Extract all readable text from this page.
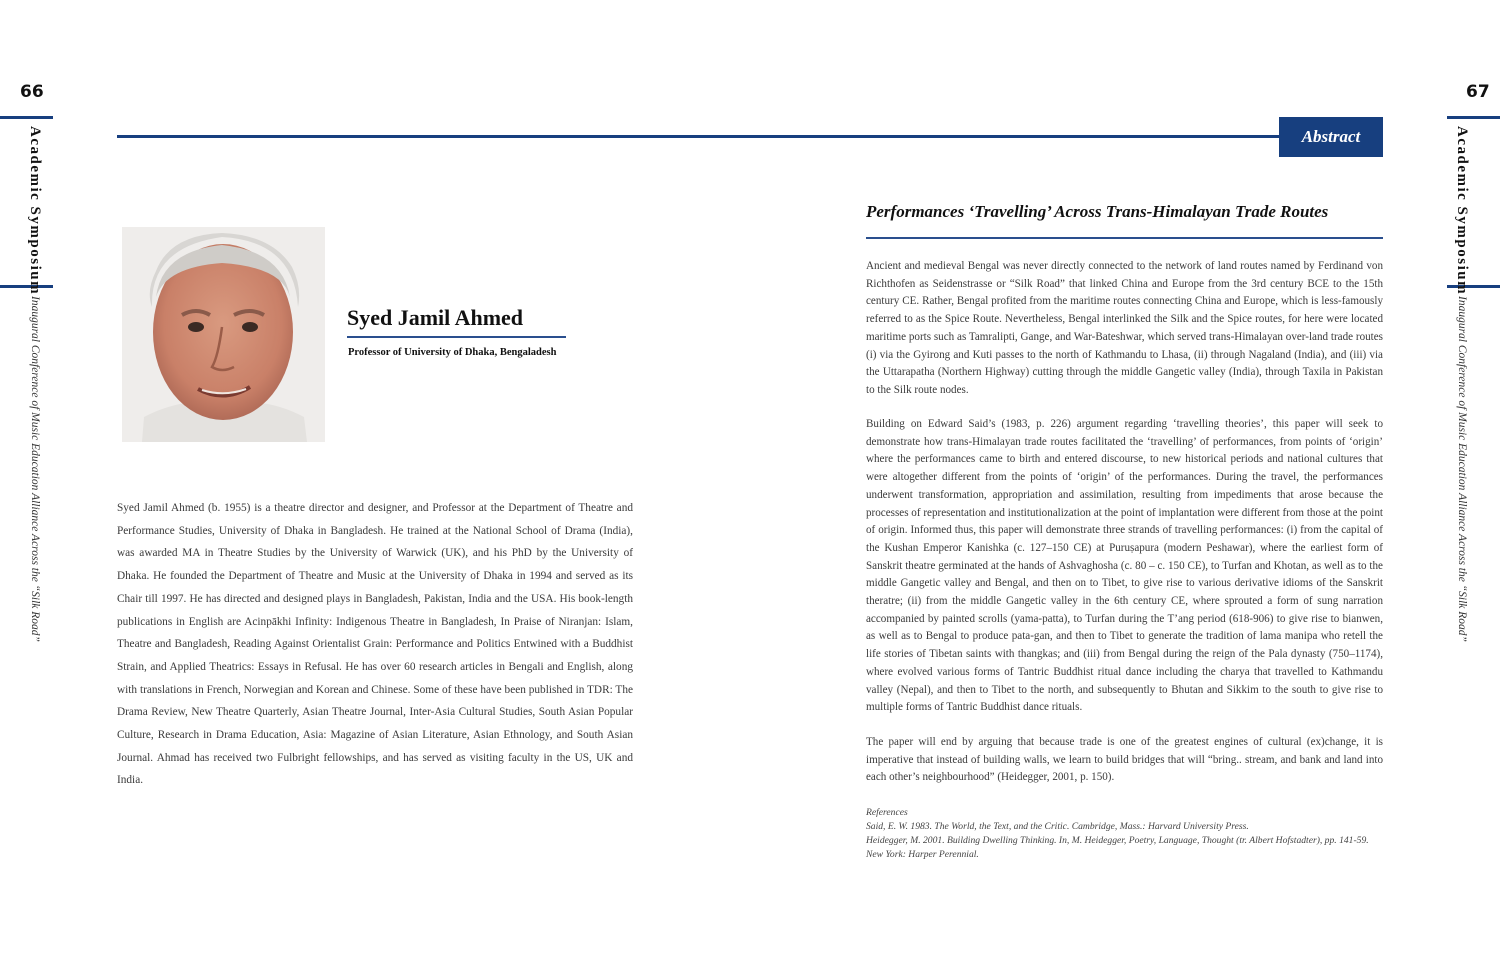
66	67
Academic Symposium
Inaugural Conference of Music Education Alliance Across the “Silk Road”
Academic Symposium
Inaugural Conference of Music Education Alliance Across the “Silk Road”
Abstract
Syed Jamil Ahmed
Professor of University of Dhaka, Bengaladesh

Syed Jamil Ahmed (b. 1955) is a theatre director and designer, and Professor at the Department of Theatre and Performance Studies, University of Dhaka in Bangladesh. He trained at the National School of Drama (India), was awarded MA in Theatre Studies by the University of Warwick (UK), and his PhD by the University of Dhaka. He founded the Department of Theatre and Music at the University of Dhaka in 1994 and served as its Chair till 1997. He has directed and designed plays in Bangladesh, Pakistan, India and the USA. His book-length publications in English are Acinpākhi Infinity: Indigenous Theatre in Bangladesh, In Praise of Niranjan: Islam, Theatre and Bangladesh, Reading Against Orientalist Grain: Performance and Politics Entwined with a Buddhist Strain, and Applied Theatrics: Essays in Refusal. He has over 60 research articles in Bengali and English, along with translations in French, Norwegian and Korean and Chinese. Some of these have been published in TDR: The Drama Review, New Theatre Quarterly, Asian Theatre Journal, Inter-Asia Cultural Studies, South Asian Popular Culture, Research in Drama Education, Asia: Magazine of Asian Literature, Asian Ethnology, and South Asian Journal. Ahmad has received two Fulbright fellowships, and has served as visiting faculty in the US, UK and India.

Performances ‘Travelling’ Across Trans-Himalayan Trade Routes

Ancient and medieval Bengal was never directly connected to the network of land routes named by Ferdinand von Richthofen as Seidenstrasse or “Silk Road” that linked China and Europe from the 3rd century BCE to the 15th century CE. Rather, Bengal profited from the maritime routes connecting China and Europe, which is less-famously referred to as the Spice Route. Nevertheless, Bengal interlinked the Silk and the Spice routes, for here were located maritime ports such as Tamralipti, Gange, and War-Bateshwar, which served trans-Himalayan over-land trade routes (i) via the Gyirong and Kuti passes to the north of Kathmandu to Lhasa, (ii) through Nagaland (India), and (iii) via the Uttarapatha (Northern Highway) cutting through the middle Gangetic valley (India), through Taxila in Pakistan to the Silk route nodes.

Building on Edward Said’s (1983, p. 226) argument regarding ‘travelling theories’, this paper will seek to demonstrate how trans-Himalayan trade routes facilitated the ‘travelling’ of performances, from points of ‘origin’ where the performances came to birth and entered discourse, to new historical periods and national cultures that were altogether different from the points of ‘origin’ of the performances. During the travel, the performances underwent transformation, appropriation and assimilation, resulting from impediments that arose because the processes of representation and institutionalization at the point of implantation were different from those at the point of origin. Informed thus, this paper will demonstrate three strands of travelling performances: (i) from the capital of the Kushan Emperor Kanishka (c. 127–150 CE) at Puruṣapura (modern Peshawar), where the earliest form of Sanskrit theatre germinated at the hands of Ashvaghosha (c. 80 – c. 150 CE), to Turfan and Khotan, as well as to the middle Gangetic valley and Bengal, and then on to Tibet, to give rise to various derivative idioms of the Sanskrit theratre; (ii) from the middle Gangetic valley in the 6th century CE, where sprouted a form of sung narration accompanied by painted scrolls (yama-patta), to Turfan during the T’ang period (618-906) to give rise to bianwen, as well as to Bengal to produce pata-gan, and then to Tibet to generate the tradition of lama manipa who retell the life stories of Tibetan saints with thangkas; and (iii) from Bengal during the reign of the Pala dynasty (750–1174), where evolved various forms of Tantric Buddhist ritual dance including the charya that travelled to Kathmandu valley (Nepal), and then to Tibet to the north, and subsequently to Bhutan and Sikkim to the south to give rise to multiple forms of Tantric Buddhist dance rituals.

The paper will end by arguing that because trade is one of the greatest engines of cultural (ex)change, it is imperative that instead of building walls, we learn to build bridges that will “bring.. stream, and bank and land into each other’s neighbourhood” (Heidegger, 2001, p. 150).

References
Said, E. W. 1983. The World, the Text, and the Critic. Cambridge, Mass.: Harvard University Press.
Heidegger, M. 2001. Building Dwelling Thinking. In, M. Heidegger, Poetry, Language, Thought (tr. Albert Hofstadter), pp. 141-59. New York: Harper Perennial.
